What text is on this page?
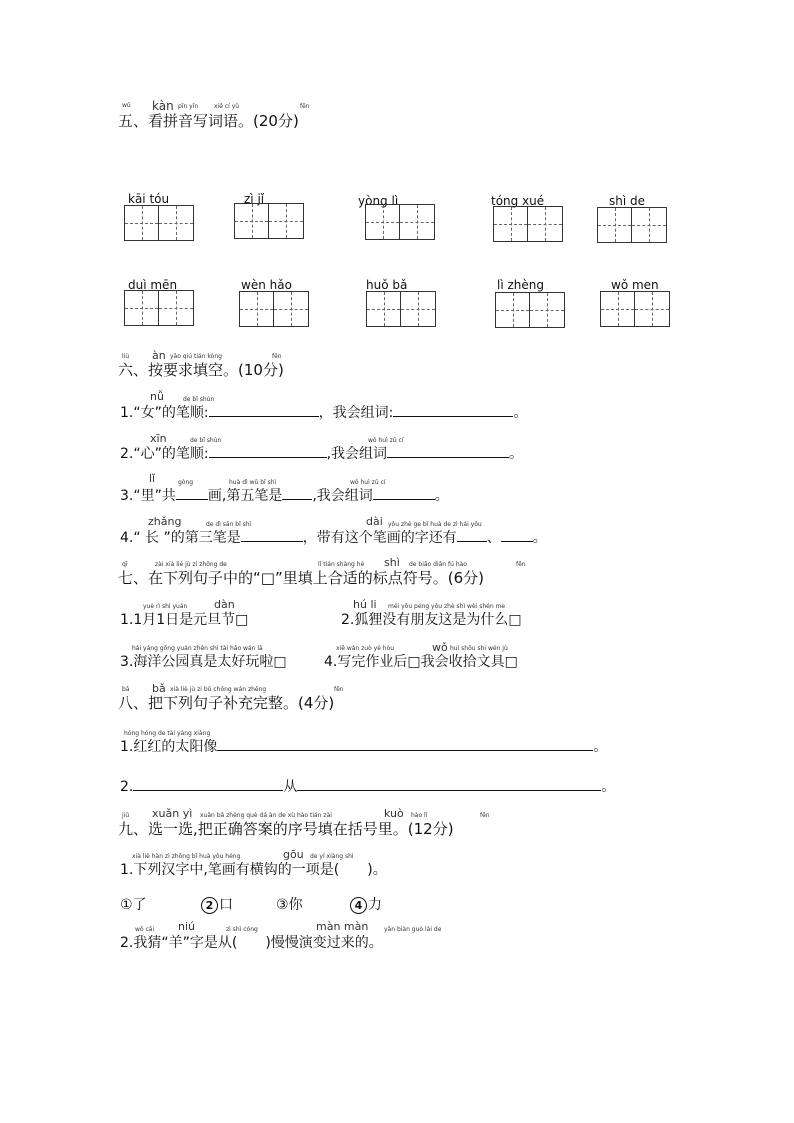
wǔ kàn pīn yīn	xiě cí yǔ	fēn
五、看拼音写词语。(20分)
kāi tóu	zì jǐ	yòng lì	tóng xué	shì de
duì mēn	wèn hǎo	huǒ bǎ	lì zhèng	wǒ men
liù àn yāo qiú tián kòng	fēn
六、按要求填空。(10分)
nǚ	de bǐ shùn
1.“女”的笔顺:	，我会组词:	。
xīn	de bǐ shùn	wǒ huì zǔ cí
2.“心”的笔顺:	,我会组词	。
lǐ	gòng	huà dì wǔ bǐ shì	wǒ huì zǔ cí
3.“里”共 画,第五笔是 ,我会组词	。
zhǎng	dài
de dì sān bǐ shì	yǒu zhè ge bǐ huà de zì hái yǒu
4.“ 长 ”的第三笔是	，带有这个笔画的字还有 、 。
qī	zài xià liè jù zi zhōng de	lǐ tián shàng hé shì de biāo diǎn fú hào	fēn
七、在下列句子中的“□”里填上合适的标点符号。(6分)
yuè rì shì yuán dàn
1.1月1日是元旦节□
hú li méi yǒu péng yǒu zhè shì wèi shén me
2.狐狸没有朋友这是为什么□
hǎi yáng gōng yuán zhēn shì tài hǎo wán lā
3.海洋公园真是太好玩啦□
xiě wán zuò yè hòu	wǒ huì shōu shi wén jù
4.写完作业后□我会收拾文具□
bā bǎ xià liè jù zi bǔ chōng wán zhěng	fēn
八、把下列句子补充完整。(4分)
hóng hóng de tài yáng xiàng
1.红红的太阳像	。
2.	从	。
jiǔ xuǎn yì xuǎn bǎ zhèng què dá àn de xù hào tián zài	kuò hào lǐ	fēn
九、选一选,把正确答案的序号填在括号里。(12分)
xià liè hàn zì zhōng bǐ huà yǒu héng	gōu de yí xiàng shì
1.下列汉字中,笔画有横钩的一项是(　　)。
①了	2 口	③你	4 力
wǒ cāi niú	zì shì cóng	màn màn	yǎn biàn guò lái de
2.我猜“羊”字是从(　　)慢慢演变过来的。
